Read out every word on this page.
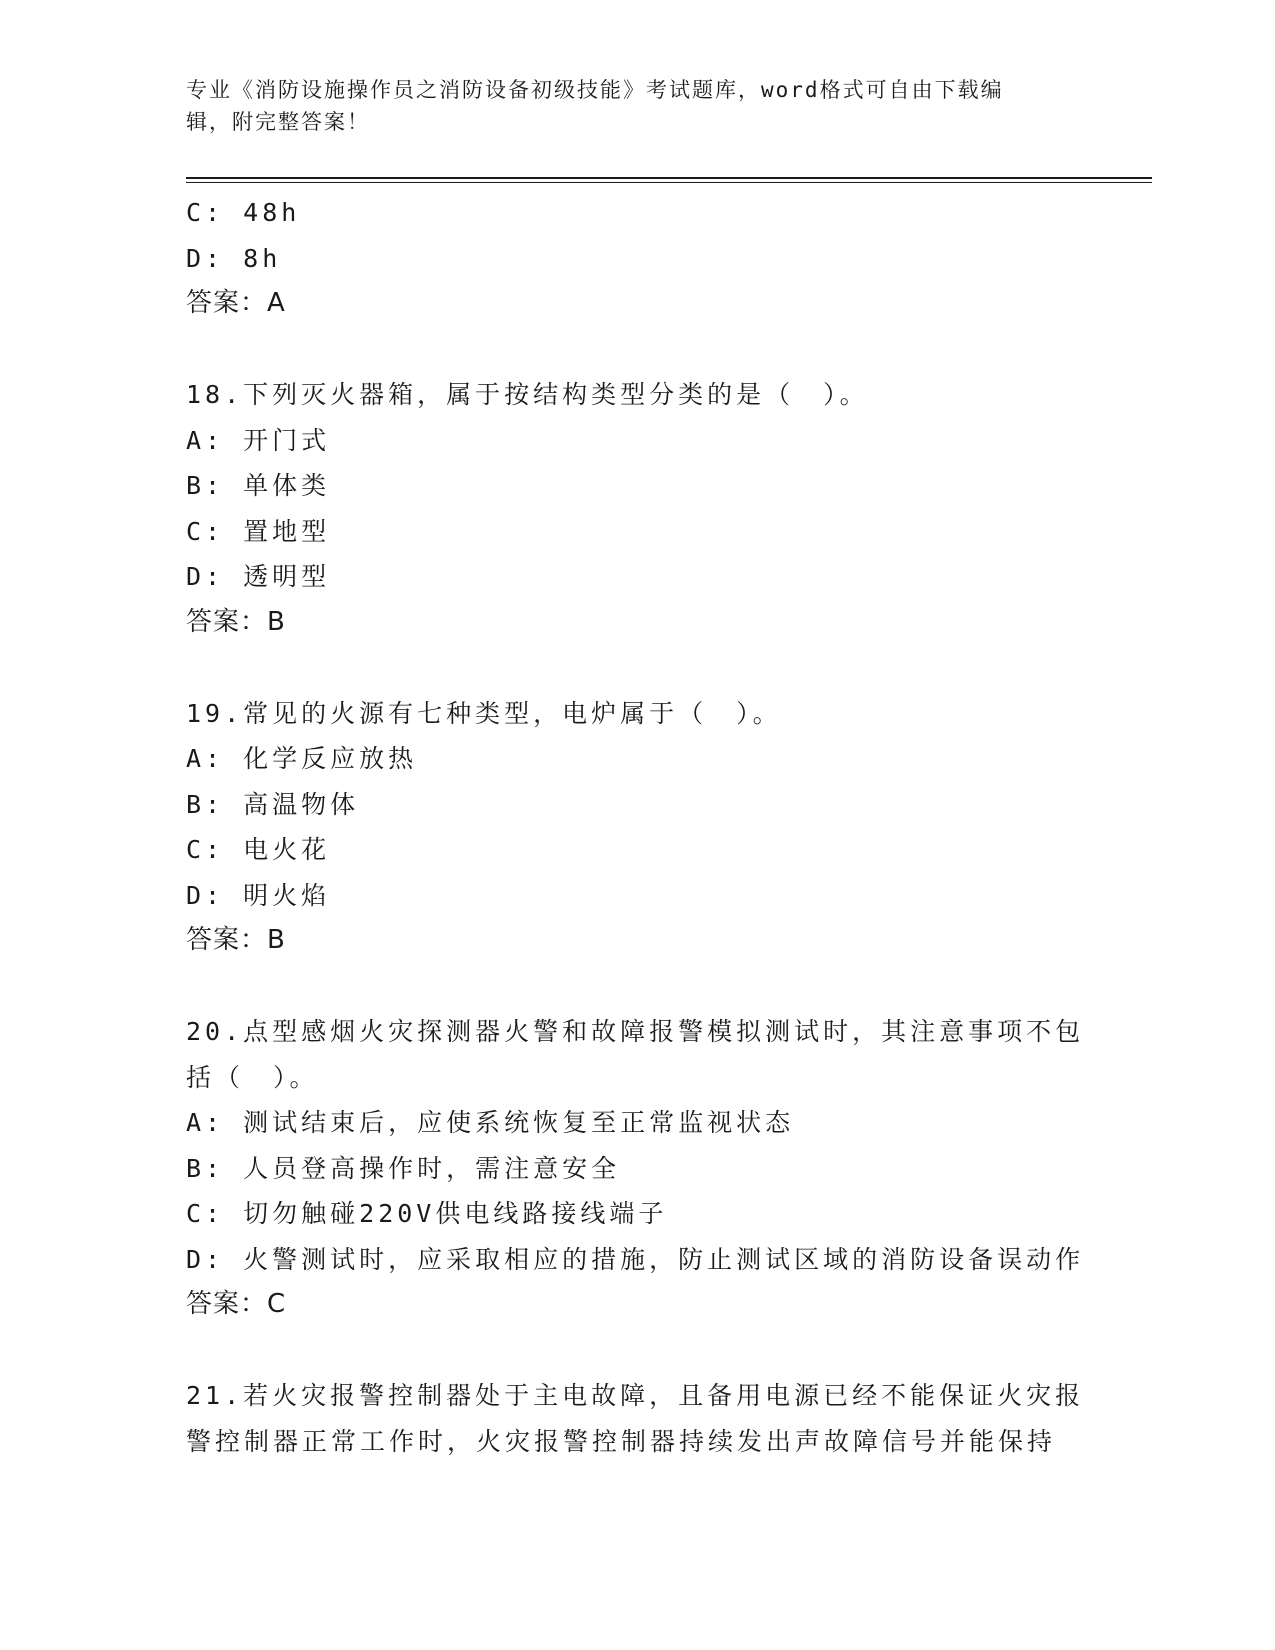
专业《消防设施操作员之消防设备初级技能》考试题库，word格式可自由下载编
辑，附完整答案！
C: 48h
D: 8h
答案：A
18.下列灭火器箱，属于按结构类型分类的是（　）。
A: 开门式
B: 单体类
C: 置地型
D: 透明型
答案：B
19.常见的火源有七种类型，电炉属于（　）。
A: 化学反应放热
B: 高温物体
C: 电火花
D: 明火焰
答案：B
20.点型感烟火灾探测器火警和故障报警模拟测试时，其注意事项不包
括（　）。
A: 测试结束后，应使系统恢复至正常监视状态
B: 人员登高操作时，需注意安全
C: 切勿触碰220V供电线路接线端子
D: 火警测试时，应采取相应的措施，防止测试区域的消防设备误动作
答案：C
21.若火灾报警控制器处于主电故障，且备用电源已经不能保证火灾报
警控制器正常工作时，火灾报警控制器持续发出声故障信号并能保持
